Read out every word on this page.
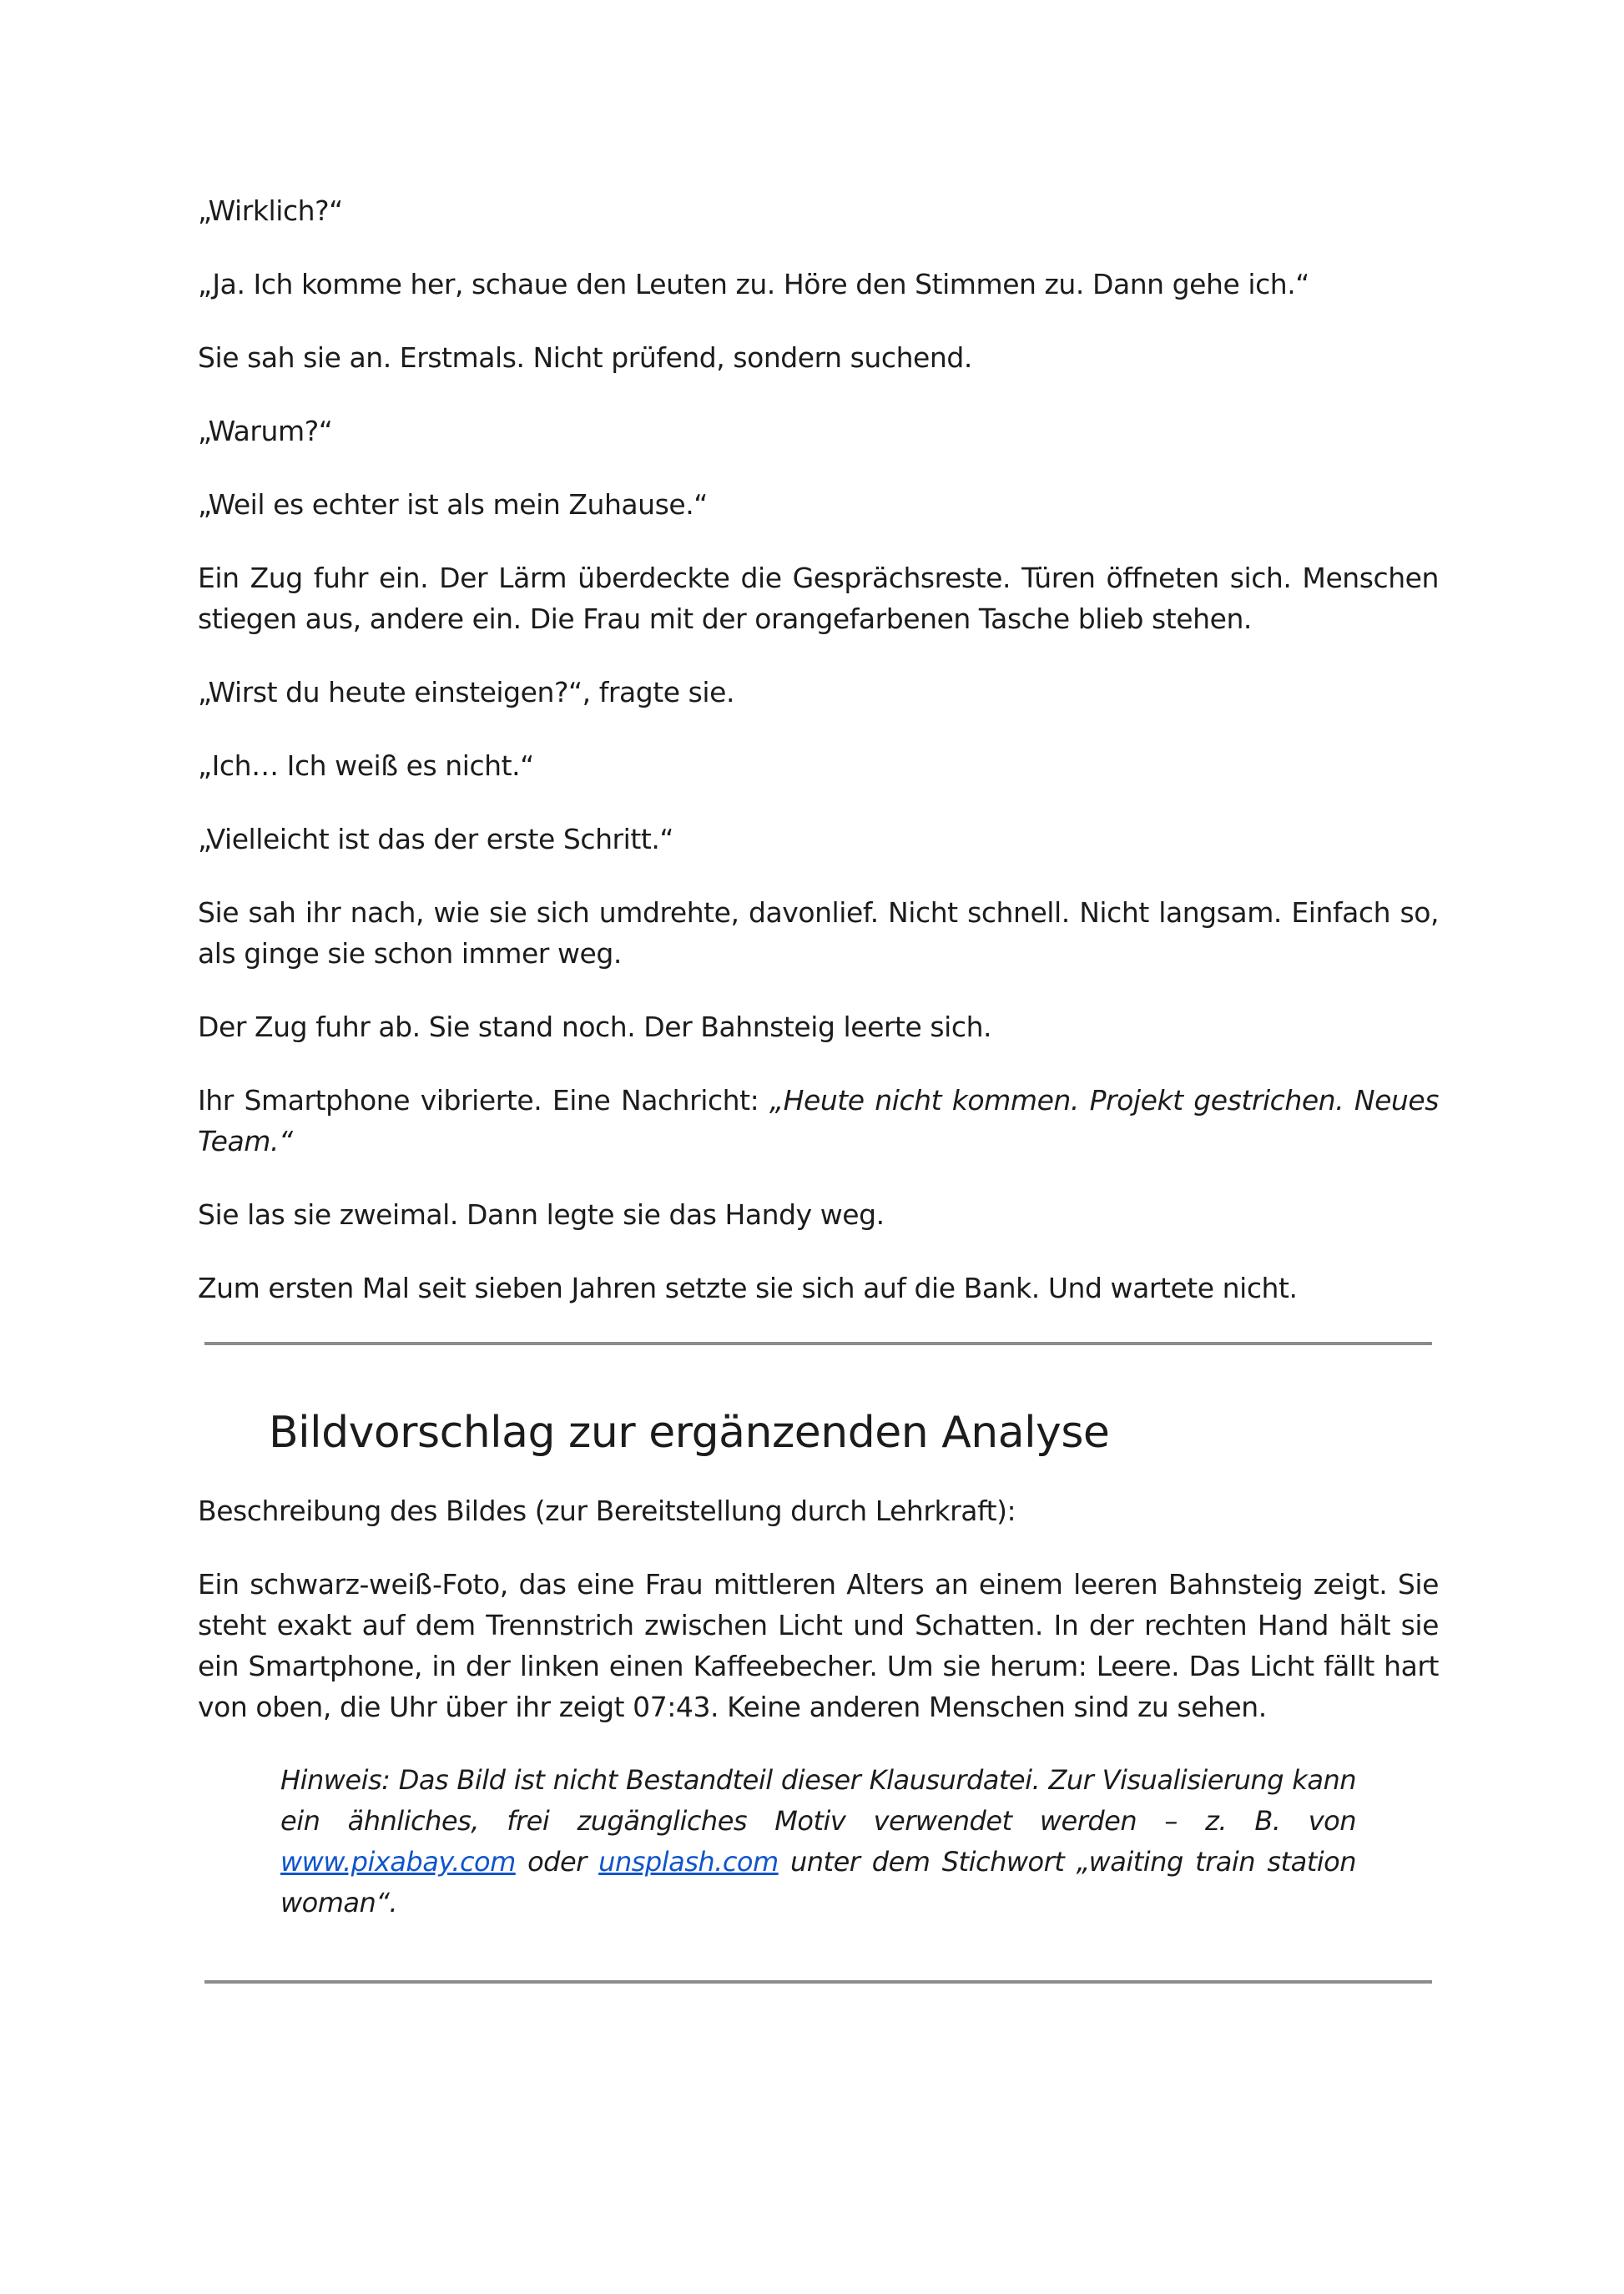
„Wirklich?“

„Ja. Ich komme her, schaue den Leuten zu. Höre den Stimmen zu. Dann gehe ich.“

Sie sah sie an. Erstmals. Nicht prüfend, sondern suchend.

„Warum?“

„Weil es echter ist als mein Zuhause.“

Ein Zug fuhr ein. Der Lärm überdeckte die Gesprächsreste. Türen öffneten sich. Menschen stiegen aus, andere ein. Die Frau mit der orangefarbenen Tasche blieb stehen.

„Wirst du heute einsteigen?“, fragte sie.

„Ich… Ich weiß es nicht.“

„Vielleicht ist das der erste Schritt.“

Sie sah ihr nach, wie sie sich umdrehte, davonlief. Nicht schnell. Nicht langsam. Einfach so, als ginge sie schon immer weg.

Der Zug fuhr ab. Sie stand noch. Der Bahnsteig leerte sich.

Ihr Smartphone vibrierte. Eine Nachricht: „Heute nicht kommen. Projekt gestrichen. Neues Team.“

Sie las sie zweimal. Dann legte sie das Handy weg.

Zum ersten Mal seit sieben Jahren setzte sie sich auf die Bank. Und wartete nicht.

Bildvorschlag zur ergänzenden Analyse

Beschreibung des Bildes (zur Bereitstellung durch Lehrkraft):

Ein schwarz-weiß-Foto, das eine Frau mittleren Alters an einem leeren Bahnsteig zeigt. Sie steht exakt auf dem Trennstrich zwischen Licht und Schatten. In der rechten Hand hält sie ein Smartphone, in der linken einen Kaffeebecher. Um sie herum: Leere. Das Licht fällt hart von oben, die Uhr über ihr zeigt 07:43. Keine anderen Menschen sind zu sehen.

Hinweis: Das Bild ist nicht Bestandteil dieser Klausurdatei. Zur Visualisierung kann ein ähnliches, frei zugängliches Motiv verwendet werden – z. B. von www.pixabay.com oder unsplash.com unter dem Stichwort „waiting train station woman“.
